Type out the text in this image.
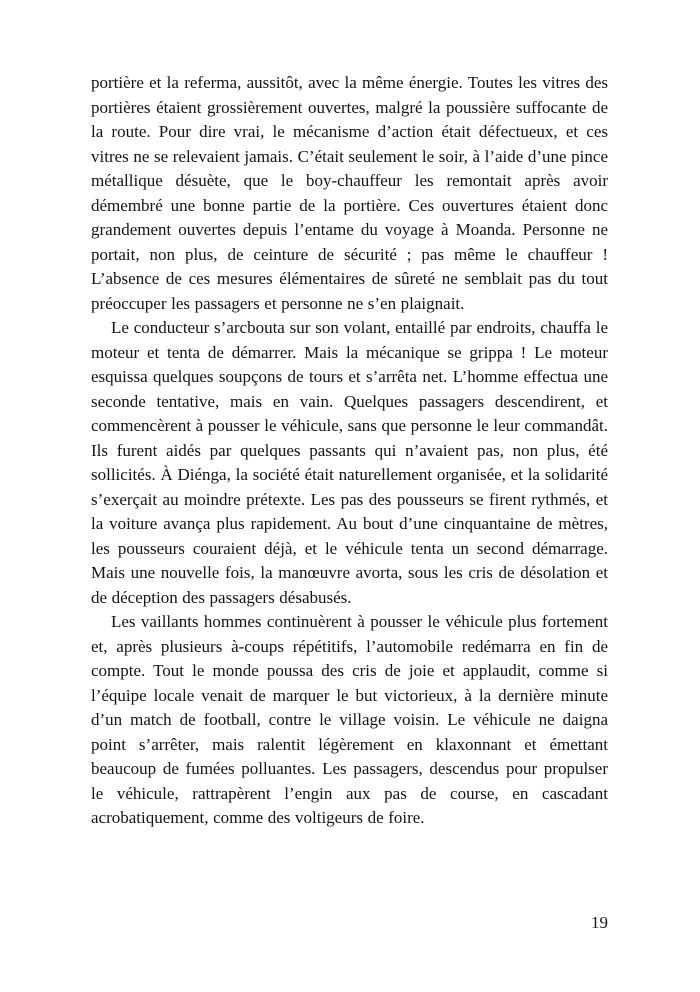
portière et la referma, aussitôt, avec la même énergie. Toutes les vitres des portières étaient grossièrement ouvertes, malgré la poussière suffocante de la route. Pour dire vrai, le mécanisme d’action était défectueux, et ces vitres ne se relevaient jamais. C’était seulement le soir, à l’aide d’une pince métallique désuète, que le boy-chauffeur les remontait après avoir démembré une bonne partie de la portière. Ces ouvertures étaient donc grandement ouvertes depuis l’entame du voyage à Moanda. Personne ne portait, non plus, de ceinture de sécurité ; pas même le chauffeur ! L’absence de ces mesures élémentaires de sûreté ne semblait pas du tout préoccuper les passagers et personne ne s’en plaignait.

Le conducteur s’arcbouta sur son volant, entaillé par endroits, chauffa le moteur et tenta de démarrer. Mais la mécanique se grippa ! Le moteur esquissa quelques soupçons de tours et s’arrêta net. L’homme effectua une seconde tentative, mais en vain. Quelques passagers descendirent, et commencèrent à pousser le véhicule, sans que personne le leur commandât. Ils furent aidés par quelques passants qui n’avaient pas, non plus, été sollicités. À Diénga, la société était naturellement organisée, et la solidarité s’exerçait au moindre prétexte. Les pas des pousseurs se firent rythmés, et la voiture avança plus rapidement. Au bout d’une cinquantaine de mètres, les pousseurs couraient déjà, et le véhicule tenta un second démarrage. Mais une nouvelle fois, la manœuvre avorta, sous les cris de désolation et de déception des passagers désabusés.

Les vaillants hommes continuèrent à pousser le véhicule plus fortement et, après plusieurs à-coups répétitifs, l’automobile redémarra en fin de compte. Tout le monde poussa des cris de joie et applaudit, comme si l’équipe locale venait de marquer le but victorieux, à la dernière minute d’un match de football, contre le village voisin. Le véhicule ne daigna point s’arrêter, mais ralentit légèrement en klaxonnant et émettant beaucoup de fumées polluantes. Les passagers, descendus pour propulser le véhicule, rattrapèrent l’engin aux pas de course, en cascadant acrobatiquement, comme des voltigeurs de foire.

19
